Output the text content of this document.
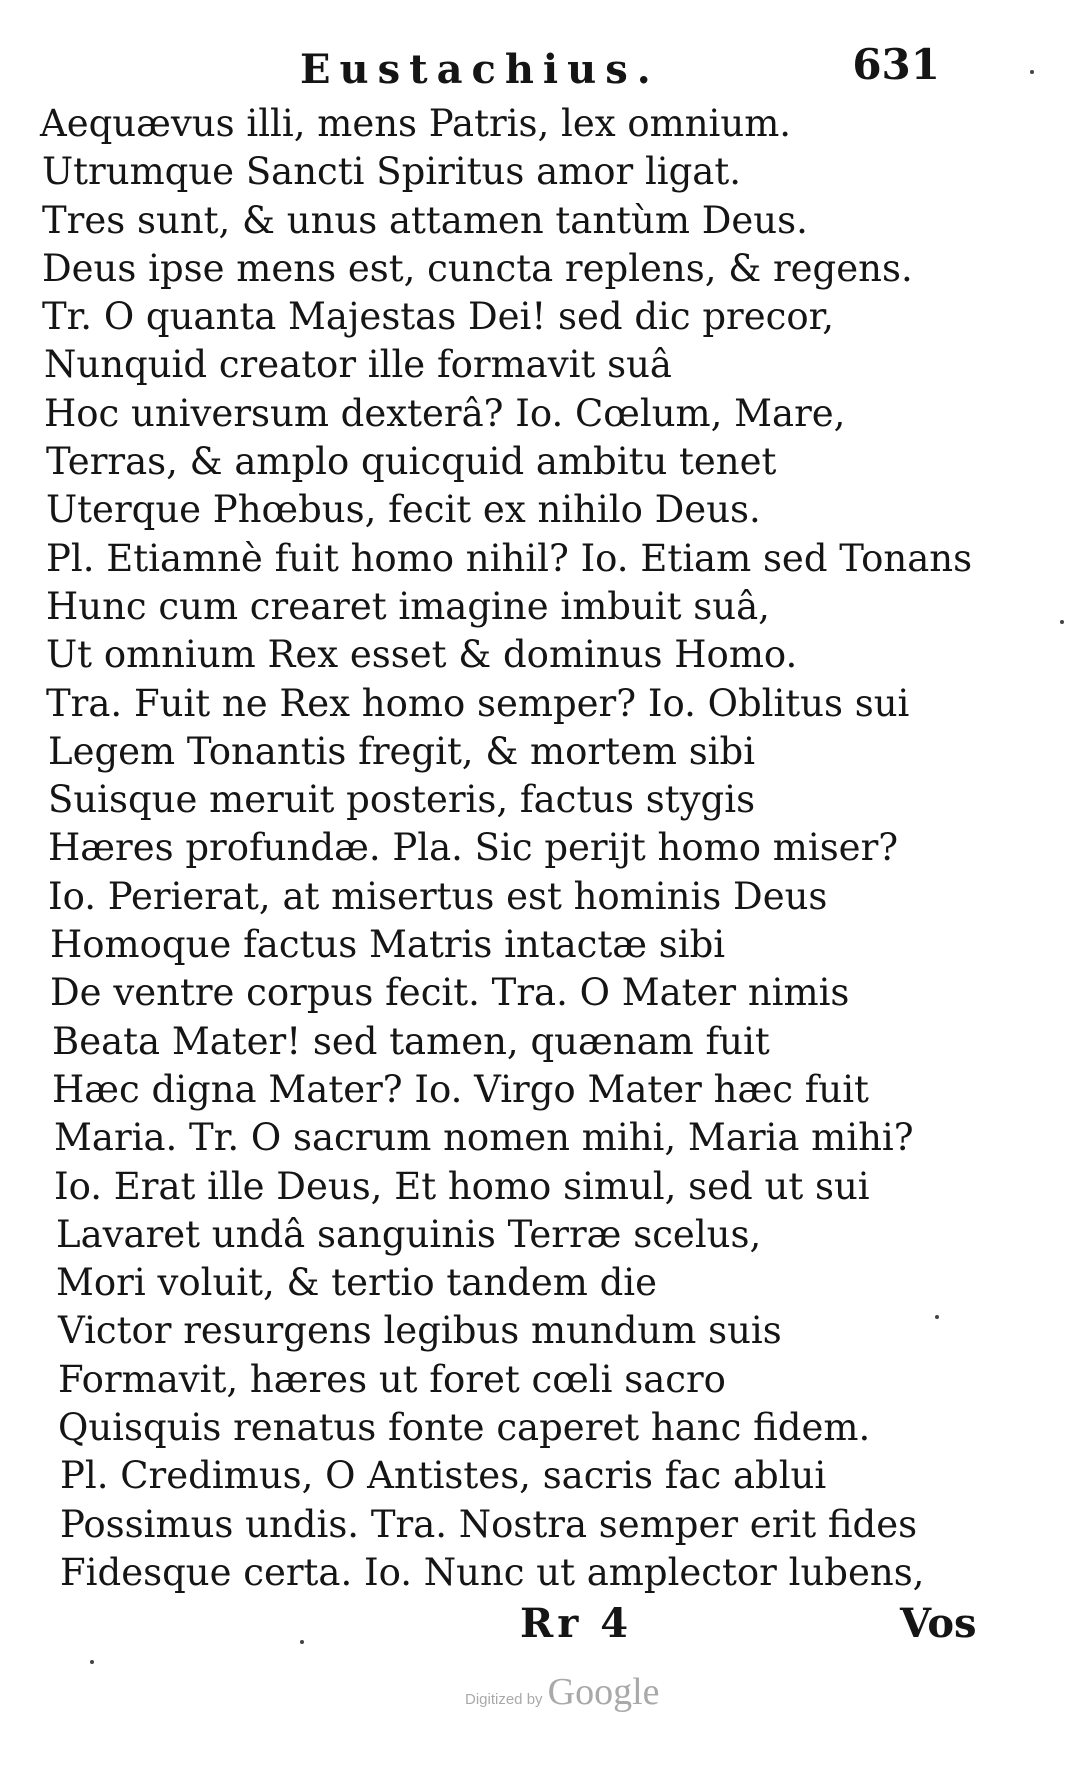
Eustachius.	631
Aequævus illi, mens Patris, lex omnium.
Utrumque Sancti Spiritus amor ligat.
Tres sunt, & unus attamen tantùm Deus.
Deus ipse mens est, cuncta replens, & regens.
Tr. O quanta Majestas Dei! sed dic precor,
Nunquid creator ille formavit suâ
Hoc universum dexterâ? Io. Cœlum, Mare,
Terras, & amplo quicquid ambitu tenet
Uterque Phœbus, fecit ex nihilo Deus.
Pl. Etiamnè fuit homo nihil? Io. Etiam sed Tonans
Hunc cum crearet imagine imbuit suâ,
Ut omnium Rex esset & dominus Homo.
Tra. Fuit ne Rex homo semper? Io. Oblitus sui
Legem Tonantis fregit, & mortem sibi
Suisque meruit posteris, factus stygis
Hæres profundæ. Pla. Sic perijt homo miser?
Io. Perierat, at misertus est hominis Deus
Homoque factus Matris intactæ sibi
De ventre corpus fecit. Tra. O Mater nimis
Beata Mater! sed tamen, quænam fuit
Hæc digna Mater? Io. Virgo Mater hæc fuit
Maria. Tr. O sacrum nomen mihi, Maria mihi?
Io. Erat ille Deus, Et homo simul, sed ut sui
Lavaret undâ sanguinis Terræ scelus,
Mori voluit, & tertio tandem die
Victor resurgens legibus mundum suis
Formavit, hæres ut foret cœli sacro
Quisquis renatus fonte caperet hanc fidem.
Pl. Credimus, O Antistes, sacris fac ablui
Possimus undis. Tra. Nostra semper erit fides
Fidesque certa. Io. Nunc ut amplector lubens,
Rr 4	Vos
Digitized by Google
